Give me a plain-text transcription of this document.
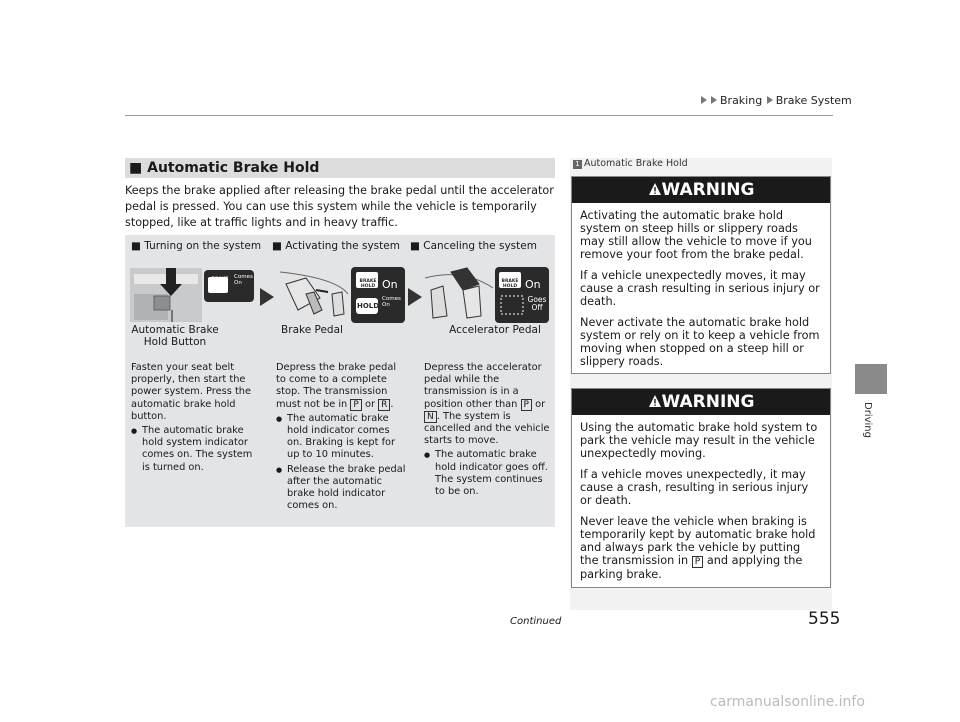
Braking Brake System
Driving
■ Automatic Brake Hold
Keeps the brake applied after releasing the brake pedal until the accelerator pedal is pressed. You can use this system while the vehicle is temporarily stopped, like at traffic lights and in heavy traffic.
■ Turning on the system ■ Activating the system ■ Canceling the system
BRAKE
HOLD
Comes On	BRAKE
HOLD On
HOLD
Comes On
BRAKE
HOLD On
Goes Off
Automatic Brake Hold Button
Brake Pedal	Accelerator Pedal
Fasten your seat belt properly, then start the power system. Press the automatic brake hold button.
● The automatic brake hold system indicator comes on. The system is turned on.
Depress the brake pedal to come to a complete stop. The transmission must not be in P or R .
● The automatic brake hold indicator comes on. Braking is kept for up to 10 minutes.
● Release the brake pedal after the automatic brake hold indicator comes on.
Depress the accelerator pedal while the transmission is in a position other than P or N . The system is cancelled and the vehicle starts to move.
● The automatic brake hold indicator goes off. The system continues to be on.
1 Automatic Brake Hold
WARNING

Activating the automatic brake hold system on steep hills or slippery roads may still allow the vehicle to move if you remove your foot from the brake pedal.

If a vehicle unexpectedly moves, it may cause a crash resulting in serious injury or death.

Never activate the automatic brake hold system or rely on it to keep a vehicle from moving when stopped on a steep hill or slippery roads.

WARNING

Using the automatic brake hold system to park the vehicle may result in the vehicle unexpectedly moving.

If a vehicle moves unexpectedly, it may cause a crash, resulting in serious injury or death.

Never leave the vehicle when braking is temporarily kept by automatic brake hold and always park the vehicle by putting the transmission in P and applying the parking brake.

Continued	555
carmanualsonline.info
